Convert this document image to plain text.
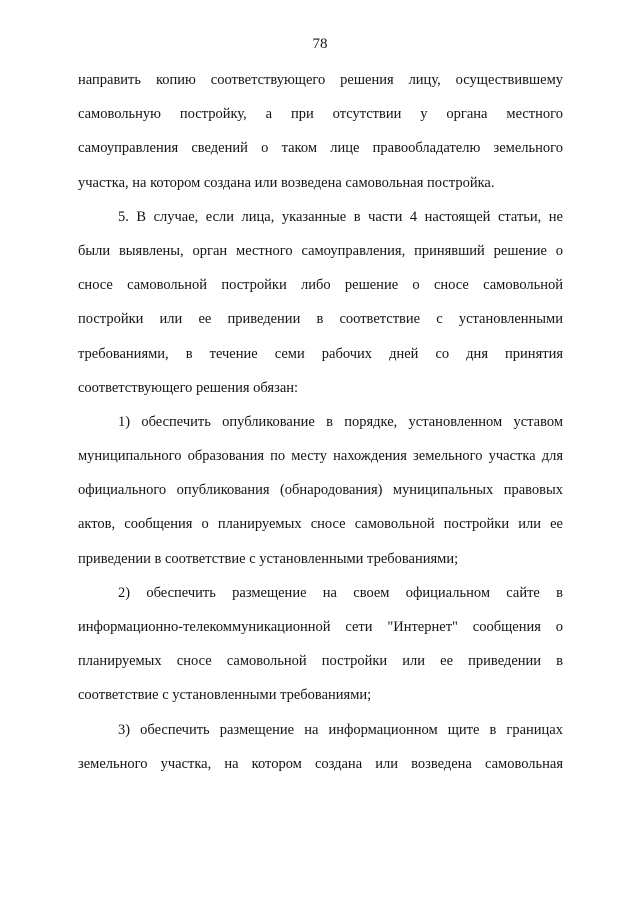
78
направить копию соответствующего решения лицу, осуществившему
самовольную постройку, а при отсутствии у органа местного
самоуправления сведений о таком лице правообладателю земельного
участка, на котором создана или возведена самовольная постройка.
5. В случае, если лица, указанные в части 4 настоящей статьи, не
были выявлены, орган местного самоуправления, принявший решение о
сносе самовольной постройки либо решение о сносе самовольной
постройки или ее приведении в соответствие с установленными
требованиями, в течение семи рабочих дней со дня принятия
соответствующего решения обязан:
1) обеспечить опубликование в порядке, установленном уставом
муниципального образования по месту нахождения земельного участка для
официального опубликования (обнародования) муниципальных правовых
актов, сообщения о планируемых сносе самовольной постройки или ее
приведении в соответствие с установленными требованиями;
2) обеспечить размещение на своем официальном сайте в
информационно-телекоммуникационной сети "Интернет" сообщения о
планируемых сносе самовольной постройки или ее приведении в
соответствие с установленными требованиями;
3) обеспечить размещение на информационном щите в границах
земельного участка, на котором создана или возведена самовольная
